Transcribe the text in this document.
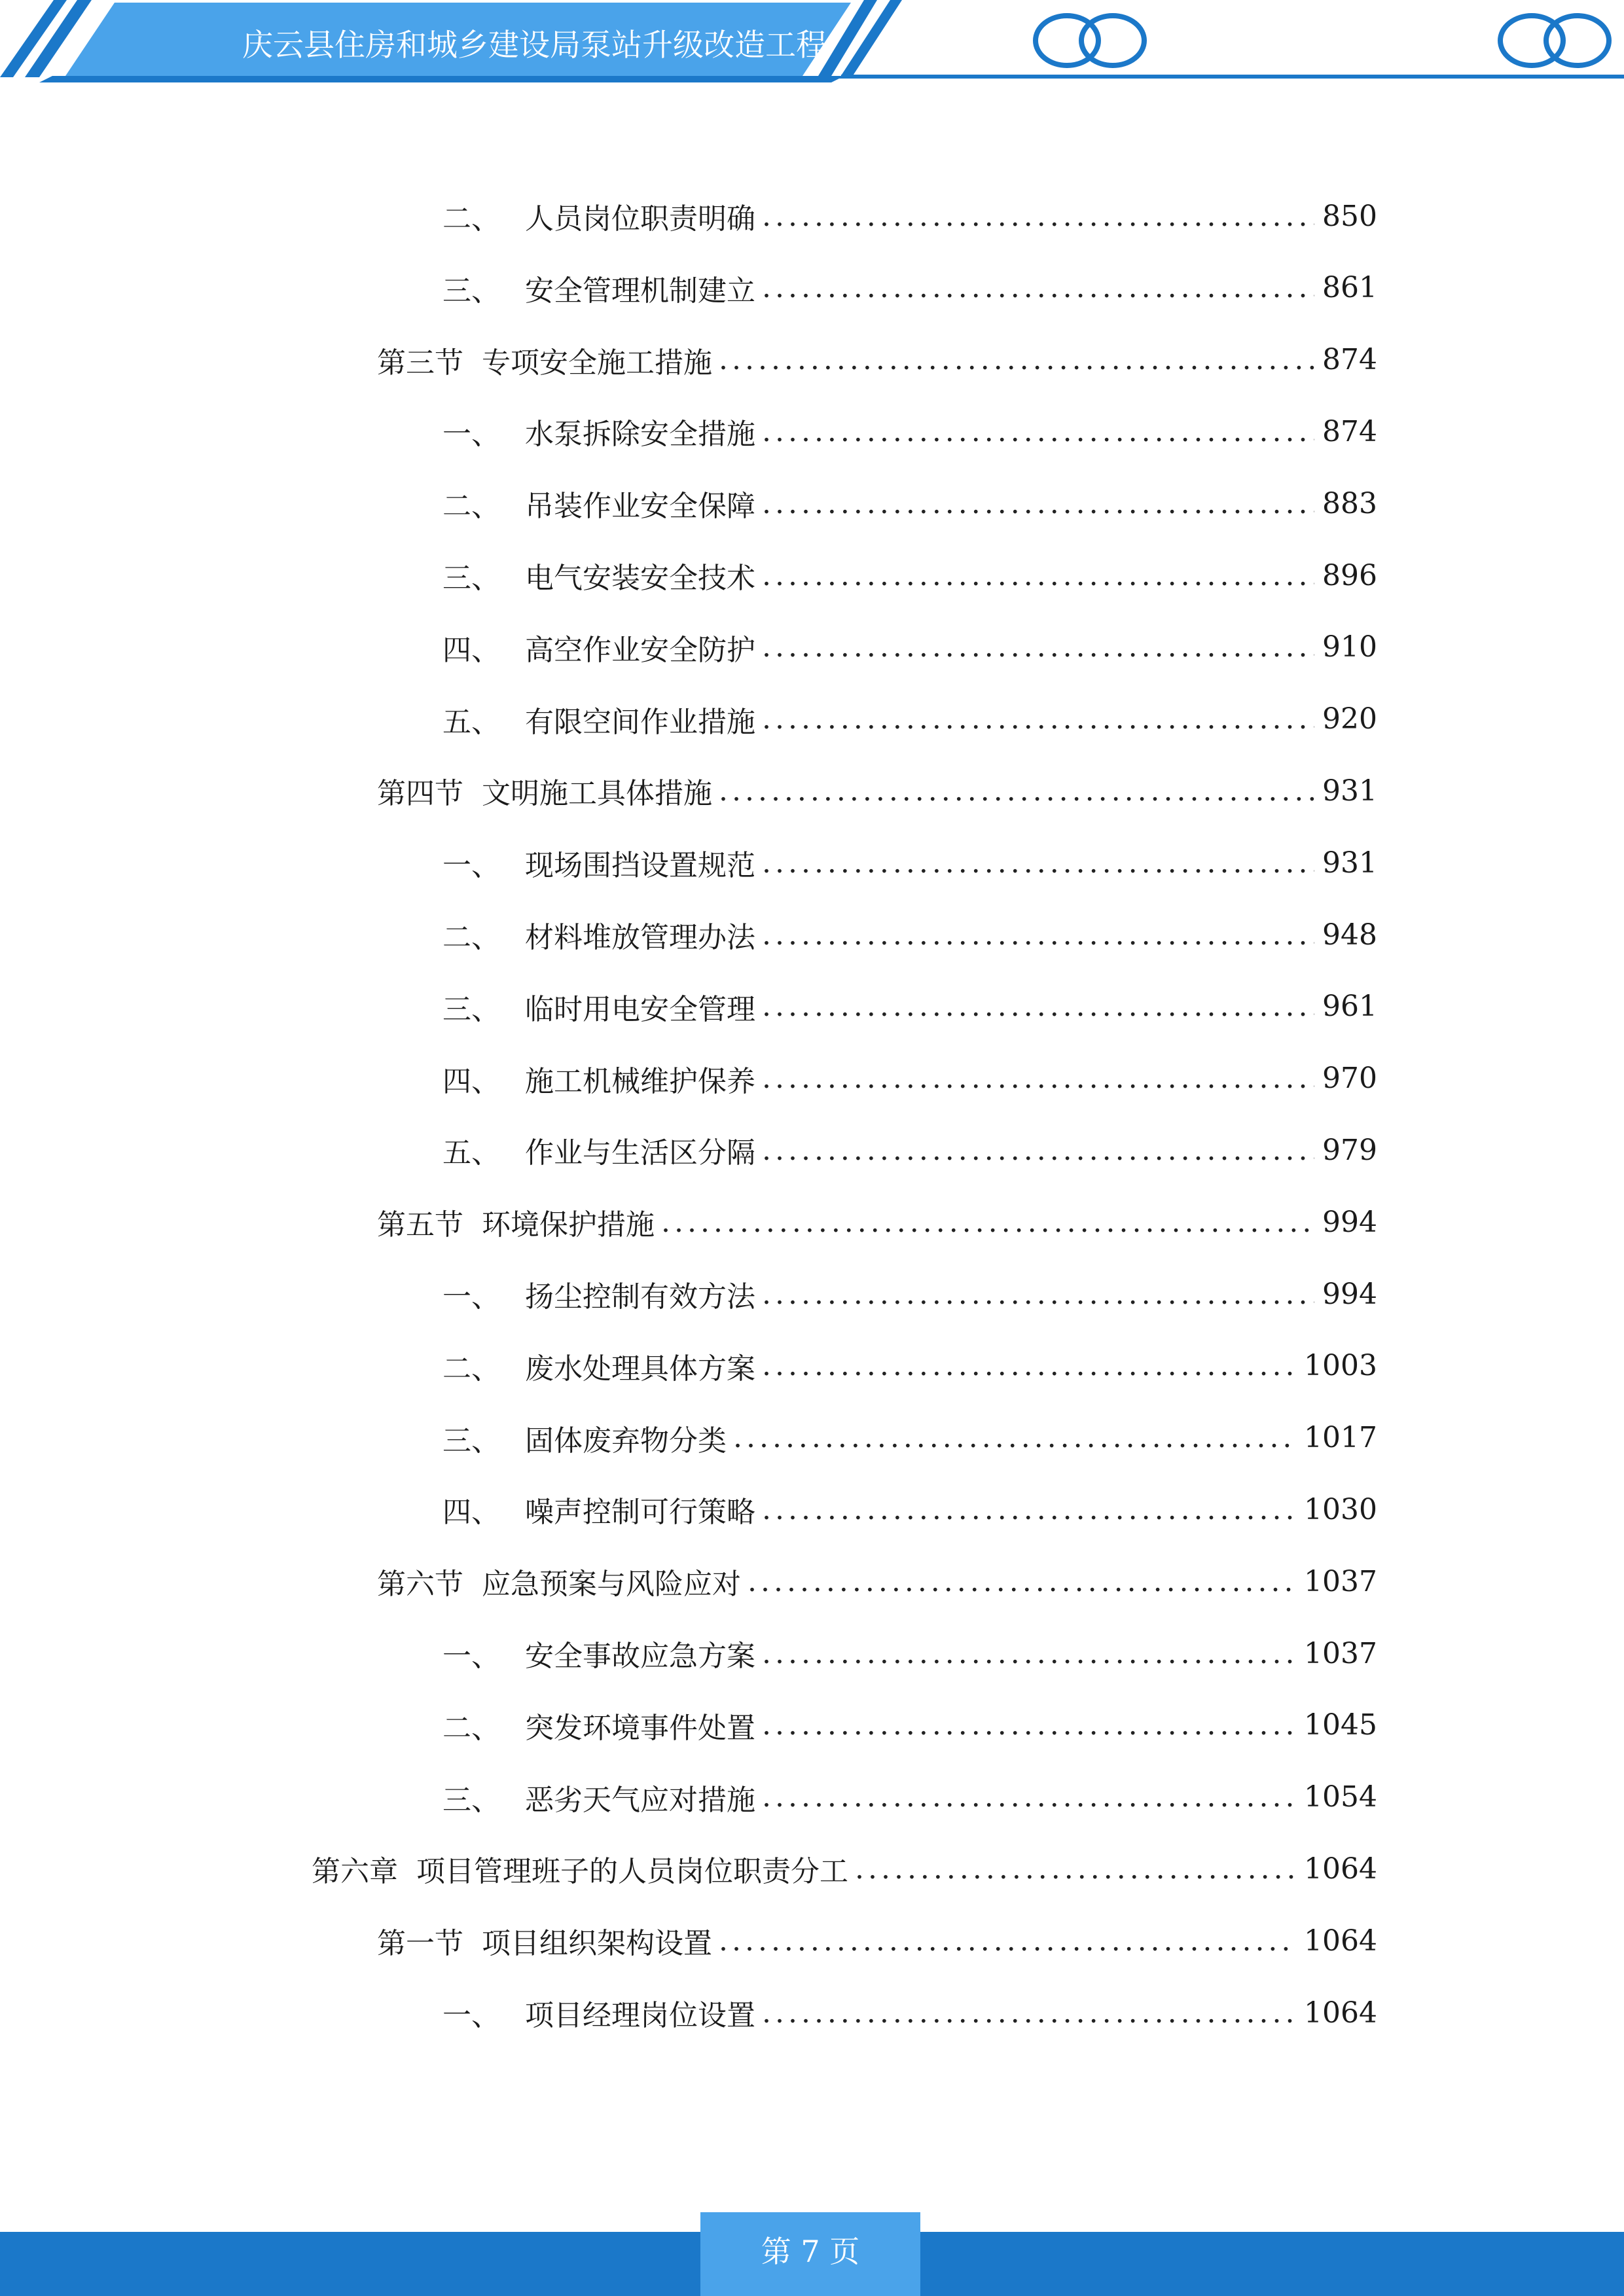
庆云县住房和城乡建设局泵站升级改造工程
二、 人员岗位职责明确 .....	850
三、 安全管理机制建立 .....	861
第三节 专项安全施工措施 .....	874
一、 水泵拆除安全措施 .....	874
二、 吊装作业安全保障 .....	883
三、 电气安装安全技术 .....	896
四、 高空作业安全防护 .....	910
五、 有限空间作业措施 .....	920
第四节 文明施工具体措施 .....	931
一、 现场围挡设置规范 .....	931
二、 材料堆放管理办法 .....	948
三、 临时用电安全管理 .....	961
四、 施工机械维护保养 .....	970
五、 作业与生活区分隔 .....	979
第五节 环境保护措施 .....	994
一、 扬尘控制有效方法 .....	994
二、 废水处理具体方案 .....	1003
三、 固体废弃物分类 .....	1017
四、 噪声控制可行策略 .....	1030
第六节 应急预案与风险应对 .....	1037
一、 安全事故应急方案 .....	1037
二、 突发环境事件处置 .....	1045
三、 恶劣天气应对措施 .....	1054
第六章 项目管理班子的人员岗位职责分工 .....	1064
第一节 项目组织架构设置 .....	1064
一、 项目经理岗位设置 .....	1064
第 7 页
